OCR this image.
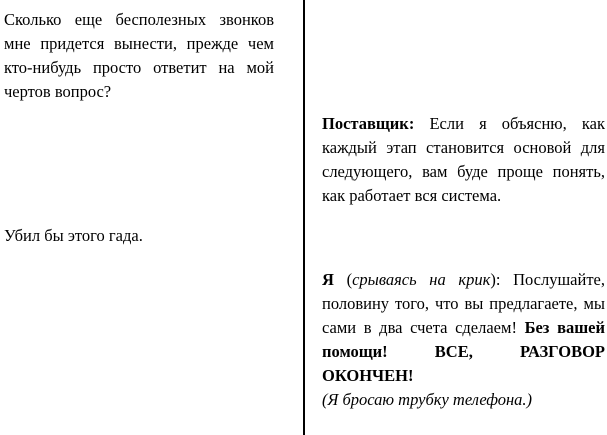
Сколько еще бесполезных звонков мне придется вынести, прежде чем кто-нибудь просто ответит на мой чертов вопрос?

Убил бы этого гада.

Поставщик: Если я объясню, как каждый этап становится основой для следующего, вам буде проще понять, как работает вся система.

Я (срываясь на крик): Послушайте, половину того, что вы предлагаете, мы сами в два счета сделаем! Без вашей помощи! ВСЕ, РАЗГОВОР ОКОНЧЕН!
(Я бросаю трубку телефона.)
